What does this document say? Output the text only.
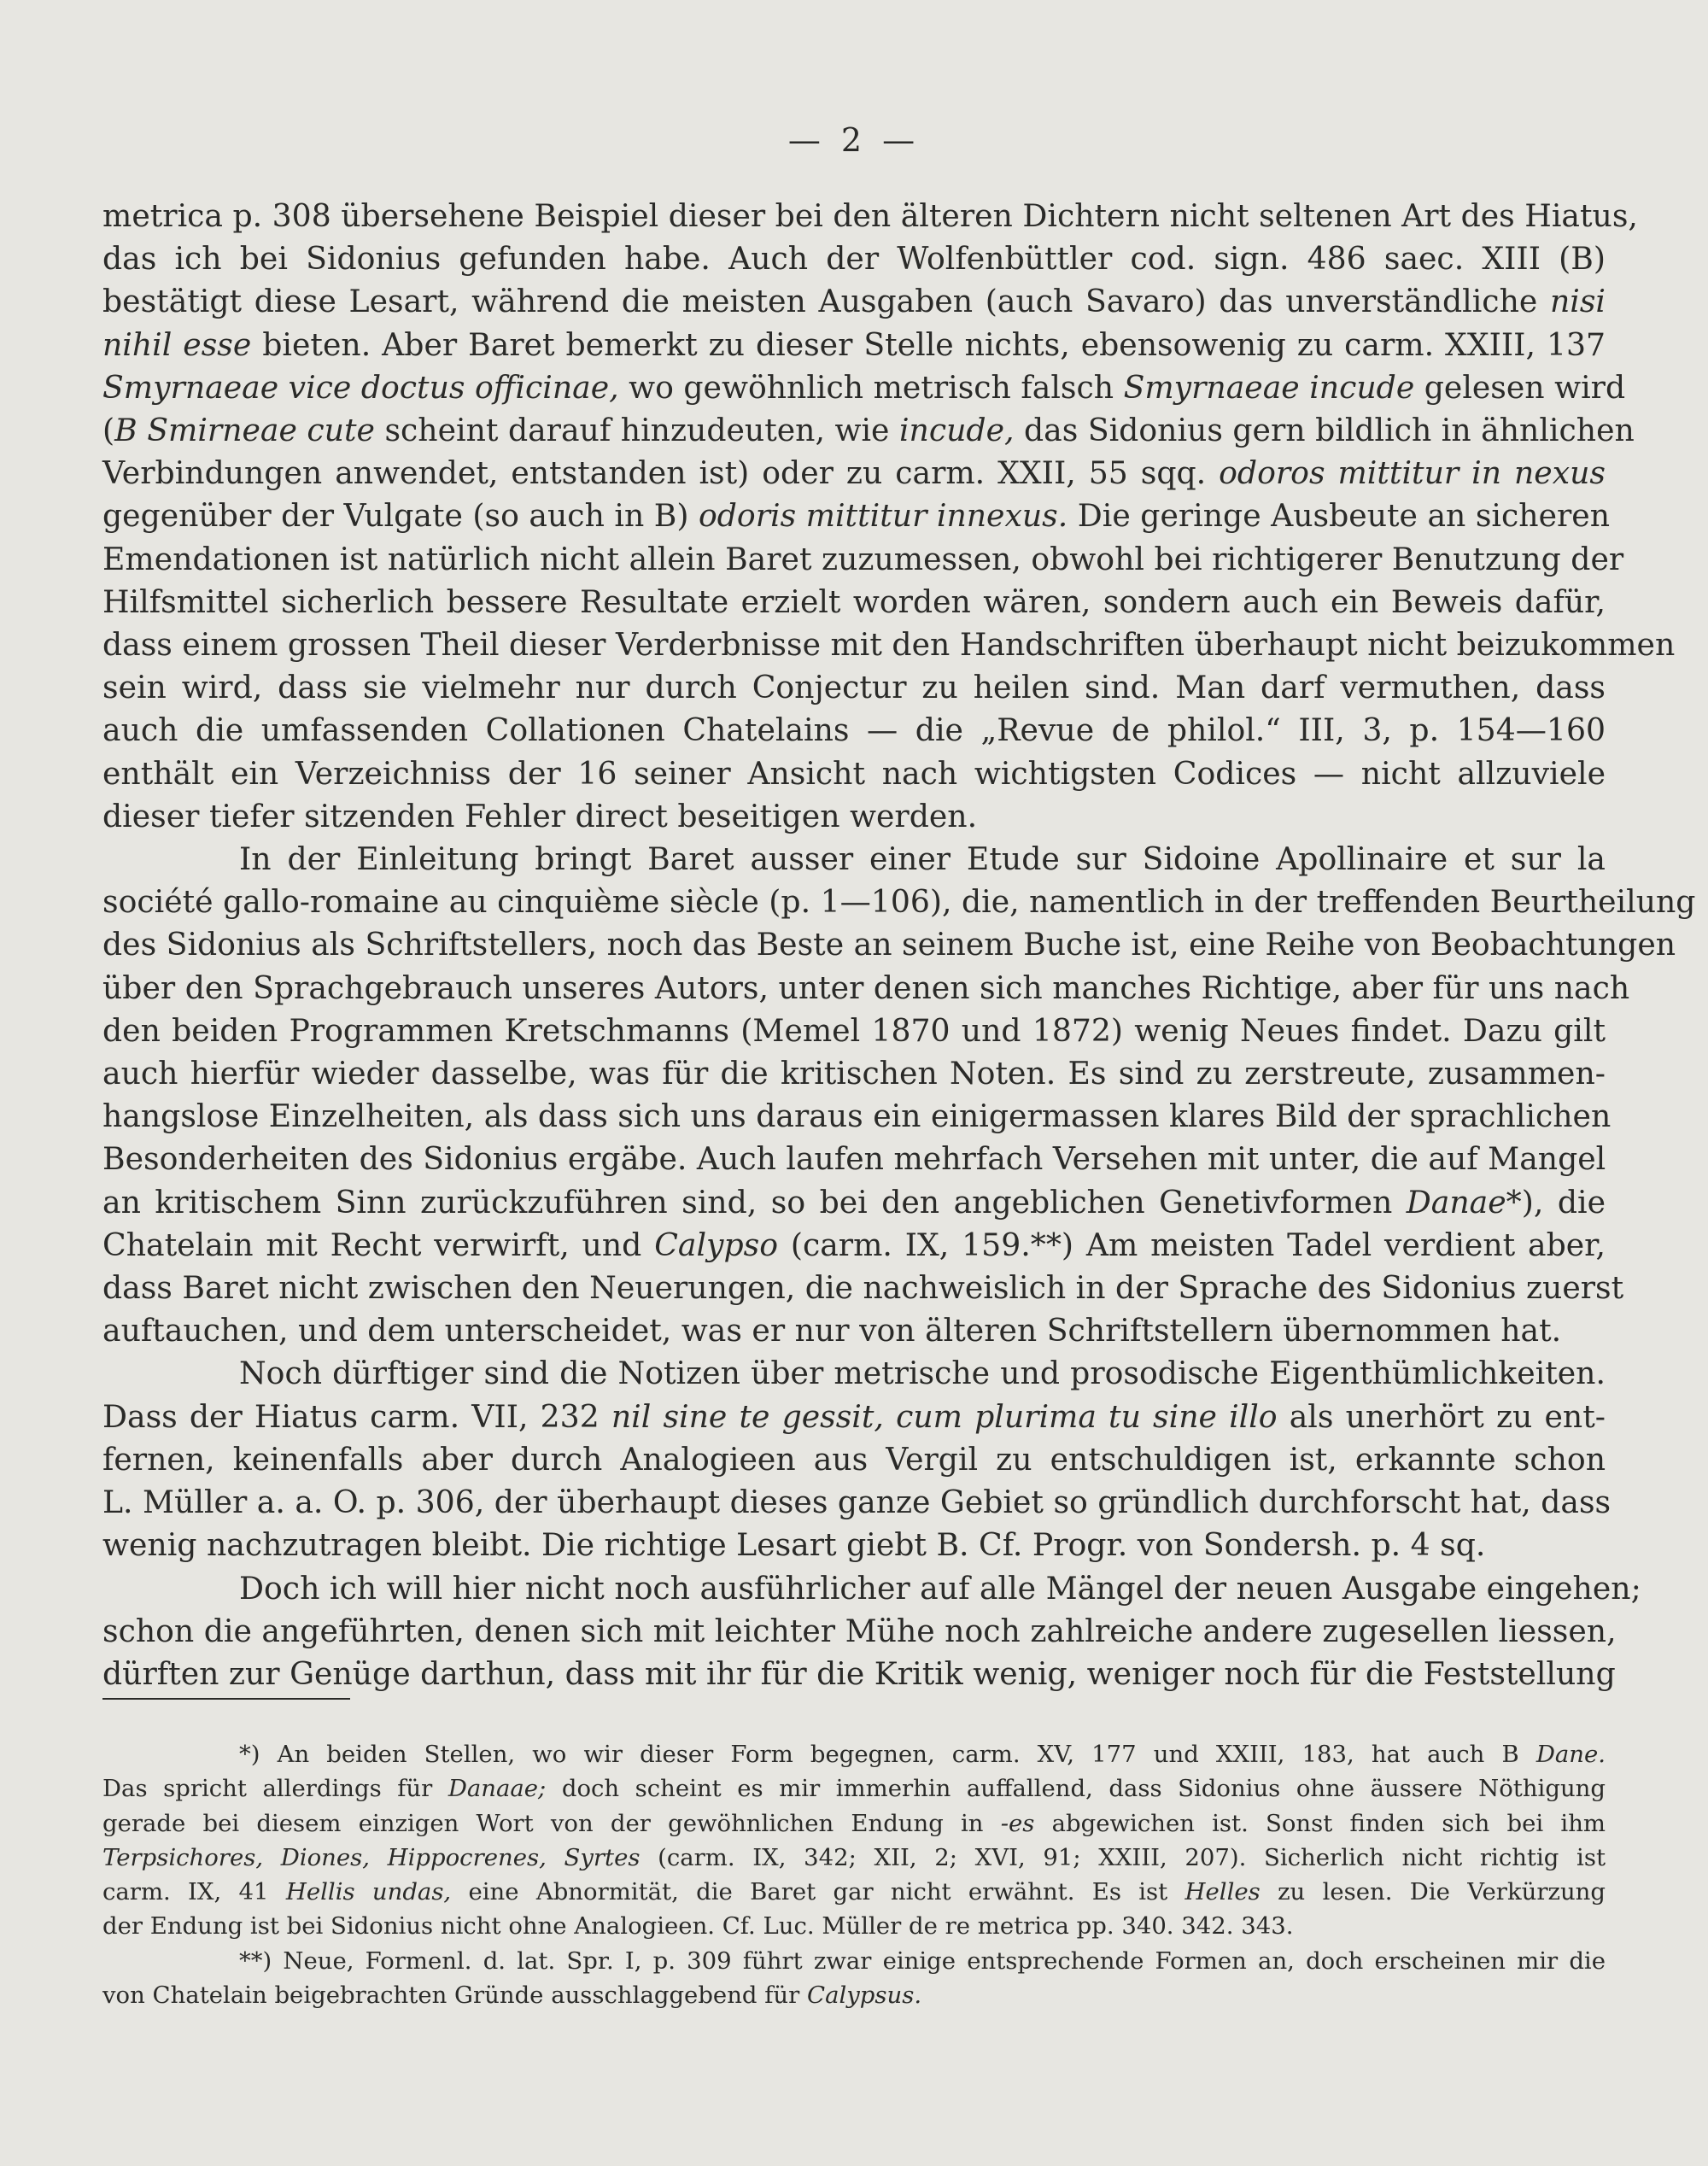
— 2 —
metrica p. 308 übersehene Beispiel dieser bei den älteren Dichtern nicht seltenen Art des Hiatus,
das ich bei Sidonius gefunden habe. Auch der Wolfenbüttler cod. sign. 486 saec. XIII (B)
bestätigt diese Lesart, während die meisten Ausgaben (auch Savaro) das unverständliche nisi
nihil esse bieten. Aber Baret bemerkt zu dieser Stelle nichts, ebensowenig zu carm. XXIII, 137
Smyrnaeae vice doctus officinae, wo gewöhnlich metrisch falsch Smyrnaeae incude gelesen wird
(B Smirneae cute scheint darauf hinzudeuten, wie incude, das Sidonius gern bildlich in ähnlichen
Verbindungen anwendet, entstanden ist) oder zu carm. XXII, 55 sqq. odoros mittitur in nexus
gegenüber der Vulgate (so auch in B) odoris mittitur innexus. Die geringe Ausbeute an sicheren
Emendationen ist natürlich nicht allein Baret zuzumessen, obwohl bei richtigerer Benutzung der
Hilfsmittel sicherlich bessere Resultate erzielt worden wären, sondern auch ein Beweis dafür,
dass einem grossen Theil dieser Verderbnisse mit den Handschriften überhaupt nicht beizukommen
sein wird, dass sie vielmehr nur durch Conjectur zu heilen sind. Man darf vermuthen, dass
auch die umfassenden Collationen Chatelains — die „Revue de philol.“ III, 3, p. 154—160
enthält ein Verzeichniss der 16 seiner Ansicht nach wichtigsten Codices — nicht allzuviele
dieser tiefer sitzenden Fehler direct beseitigen werden.
In der Einleitung bringt Baret ausser einer Etude sur Sidoine Apollinaire et sur la
société gallo-romaine au cinquième siècle (p. 1—106), die, namentlich in der treffenden Beurtheilung
des Sidonius als Schriftstellers, noch das Beste an seinem Buche ist, eine Reihe von Beobachtungen
über den Sprachgebrauch unseres Autors, unter denen sich manches Richtige, aber für uns nach
den beiden Programmen Kretschmanns (Memel 1870 und 1872) wenig Neues findet. Dazu gilt
auch hierfür wieder dasselbe, was für die kritischen Noten. Es sind zu zerstreute, zusammen-
hangslose Einzelheiten, als dass sich uns daraus ein einigermassen klares Bild der sprachlichen
Besonderheiten des Sidonius ergäbe. Auch laufen mehrfach Versehen mit unter, die auf Mangel
an kritischem Sinn zurückzuführen sind, so bei den angeblichen Genetivformen Danae*), die
Chatelain mit Recht verwirft, und Calypso (carm. IX, 159.**) Am meisten Tadel verdient aber,
dass Baret nicht zwischen den Neuerungen, die nachweislich in der Sprache des Sidonius zuerst
auftauchen, und dem unterscheidet, was er nur von älteren Schriftstellern übernommen hat.
Noch dürftiger sind die Notizen über metrische und prosodische Eigenthümlichkeiten.
Dass der Hiatus carm. VII, 232 nil sine te gessit, cum plurima tu sine illo als unerhört zu ent-
fernen, keinenfalls aber durch Analogieen aus Vergil zu entschuldigen ist, erkannte schon
L. Müller a. a. O. p. 306, der überhaupt dieses ganze Gebiet so gründlich durchforscht hat, dass
wenig nachzutragen bleibt. Die richtige Lesart giebt B. Cf. Progr. von Sondersh. p. 4 sq.
Doch ich will hier nicht noch ausführlicher auf alle Mängel der neuen Ausgabe eingehen;
schon die angeführten, denen sich mit leichter Mühe noch zahlreiche andere zugesellen liessen,
dürften zur Genüge darthun, dass mit ihr für die Kritik wenig, weniger noch für die Feststellung
*) An beiden Stellen, wo wir dieser Form begegnen, carm. XV, 177 und XXIII, 183, hat auch B Dane.
Das spricht allerdings für Danaae; doch scheint es mir immerhin auffallend, dass Sidonius ohne äussere Nöthigung
gerade bei diesem einzigen Wort von der gewöhnlichen Endung in -es abgewichen ist. Sonst finden sich bei ihm
Terpsichores, Diones, Hippocrenes, Syrtes (carm. IX, 342; XII, 2; XVI, 91; XXIII, 207). Sicherlich nicht richtig ist
carm. IX, 41 Hellis undas, eine Abnormität, die Baret gar nicht erwähnt. Es ist Helles zu lesen. Die Verkürzung
der Endung ist bei Sidonius nicht ohne Analogieen. Cf. Luc. Müller de re metrica pp. 340. 342. 343.
**) Neue, Formenl. d. lat. Spr. I, p. 309 führt zwar einige entsprechende Formen an, doch erscheinen mir die
von Chatelain beigebrachten Gründe ausschlaggebend für Calypsus.
